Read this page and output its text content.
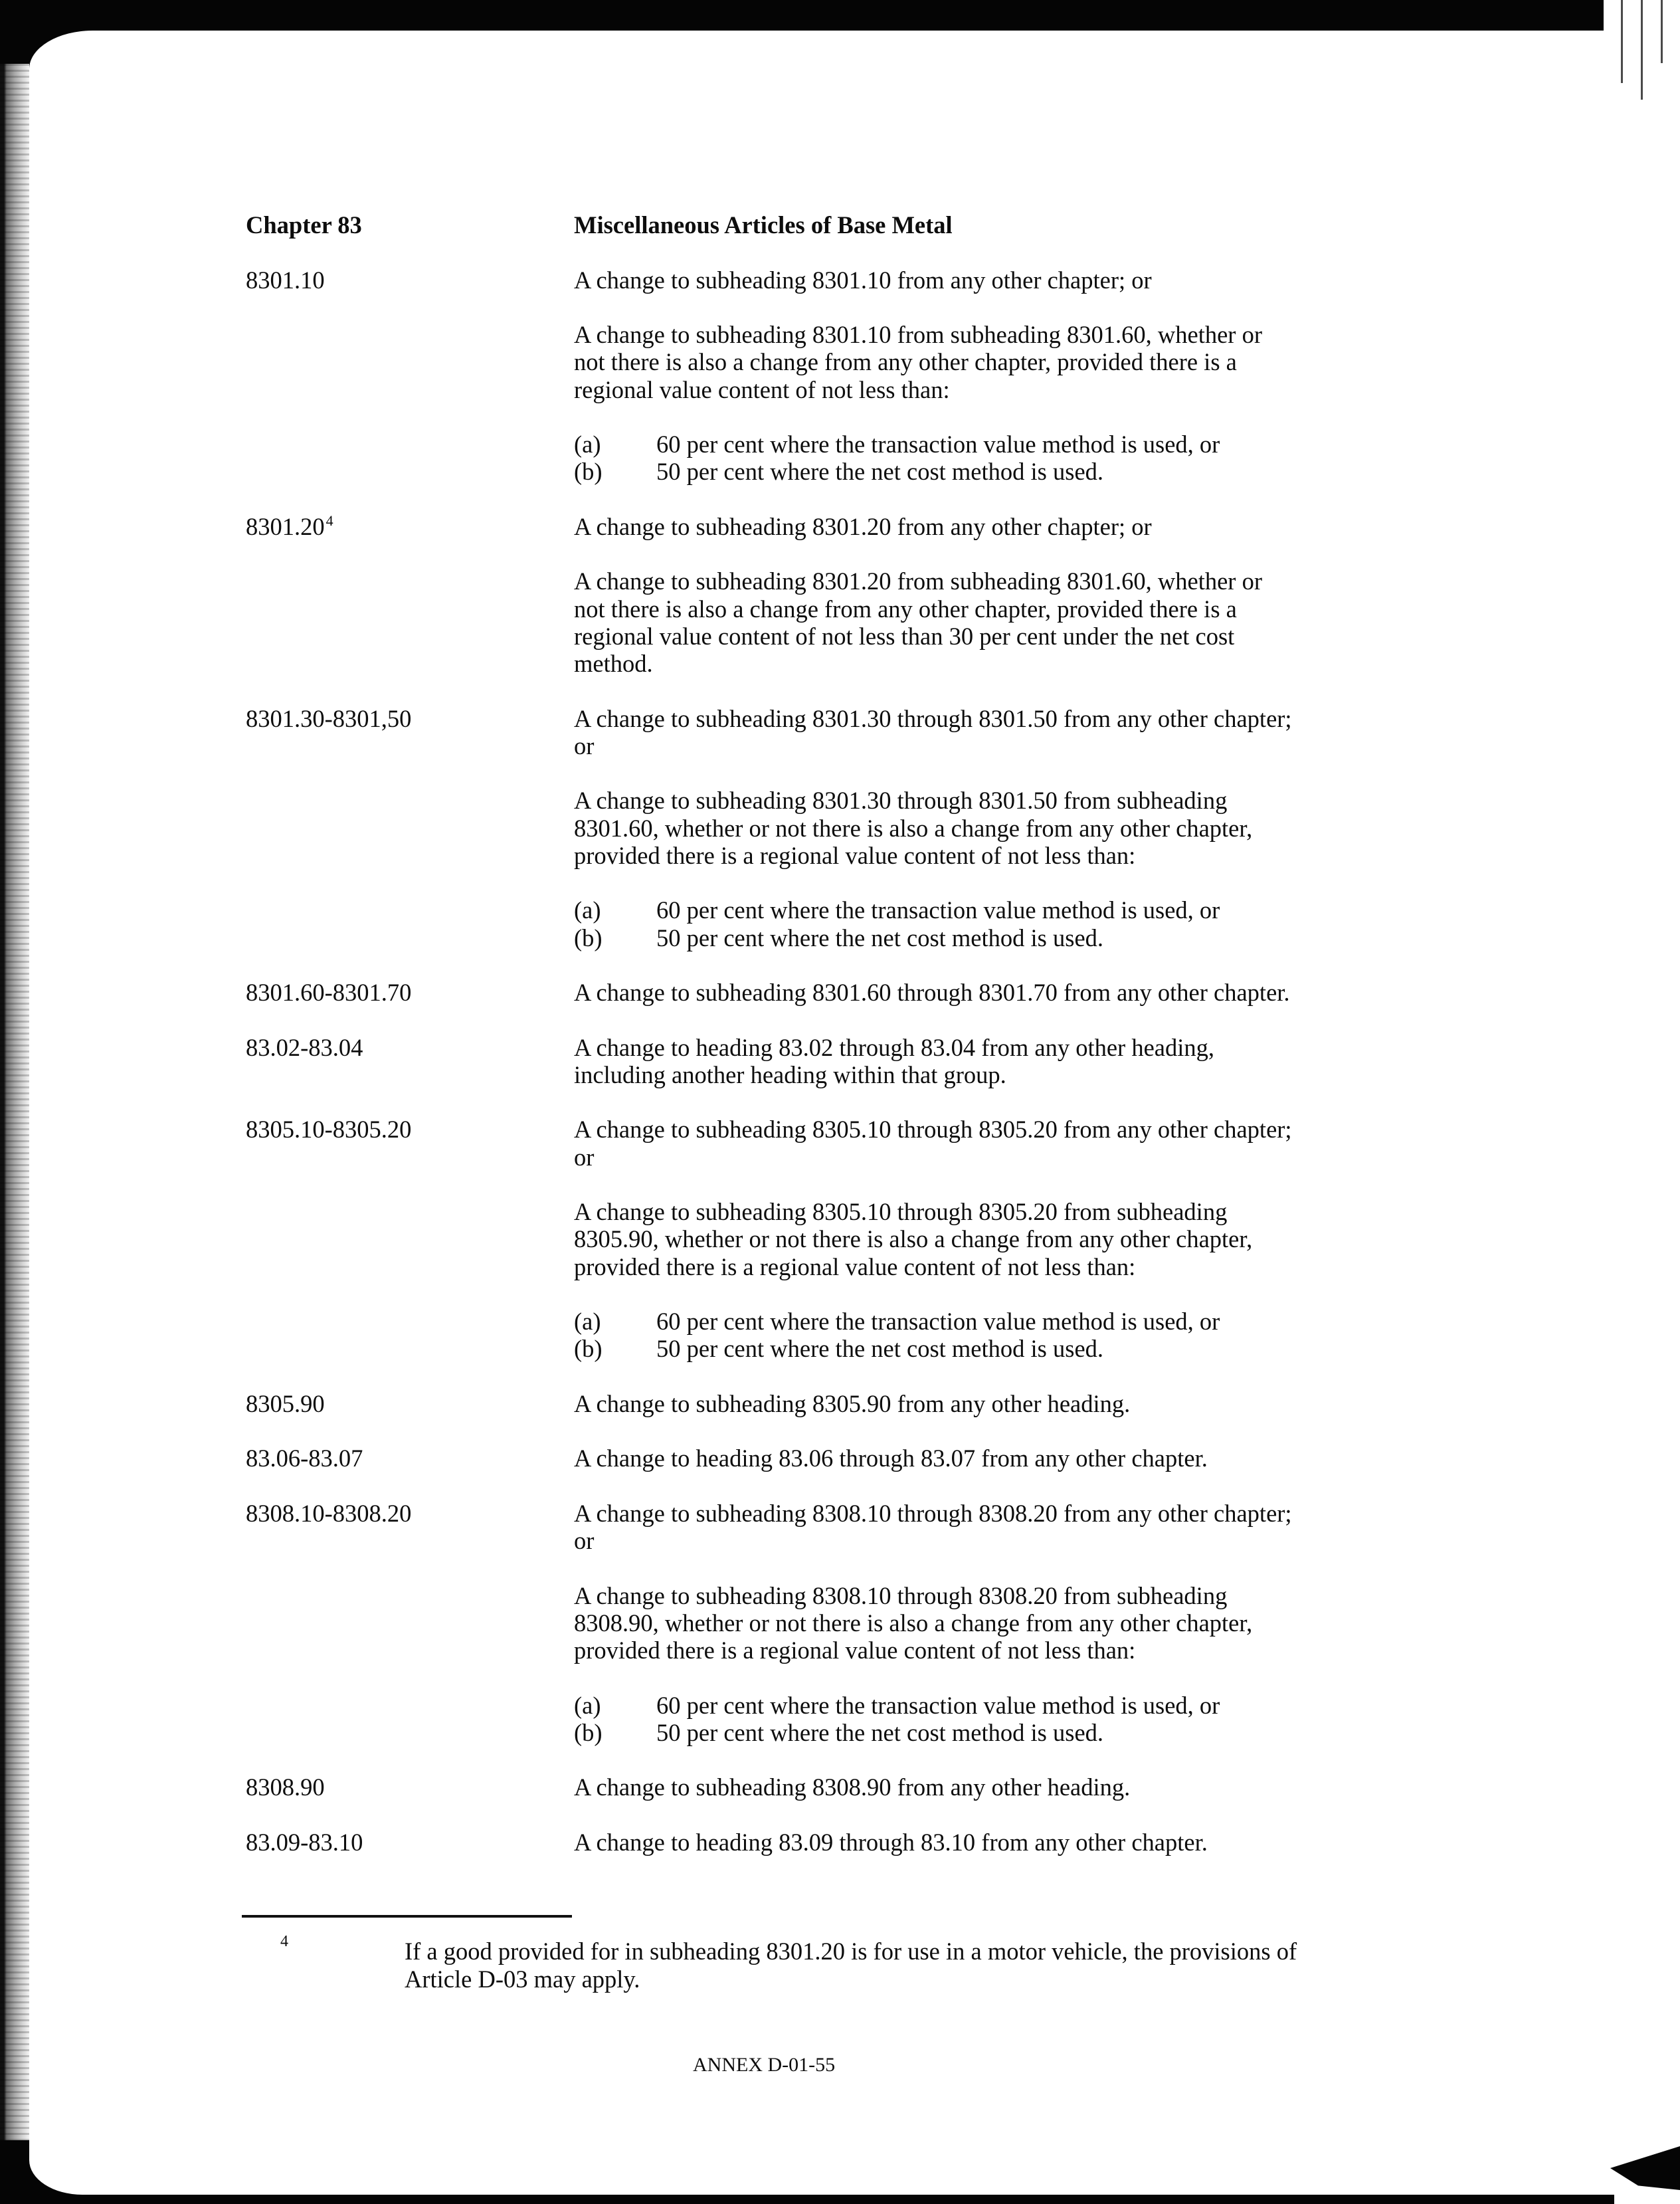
Chapter 83	Miscellaneous Articles of Base Metal
8301.10	A change to subheading 8301.10 from any other chapter; or
A change to subheading 8301.10 from subheading 8301.60, whether or
not there is also a change from any other chapter, provided there is a
regional value content of not less than:
(a)	60 per cent where the transaction value method is used, or
(b)	50 per cent where the net cost method is used.
8301.20$^4$	A change to subheading 8301.20 from any other chapter; or
A change to subheading 8301.20 from subheading 8301.60, whether or
not there is also a change from any other chapter, provided there is a
regional value content of not less than 30 per cent under the net cost
method.
8301.30-8301,50	A change to subheading 8301.30 through 8301.50 from any other chapter;
or
A change to subheading 8301.30 through 8301.50 from subheading
8301.60, whether or not there is also a change from any other chapter,
provided there is a regional value content of not less than:
(a)	60 per cent where the transaction value method is used, or
(b)	50 per cent where the net cost method is used.
8301.60-8301.70	A change to subheading 8301.60 through 8301.70 from any other chapter.
83.02-83.04	A change to heading 83.02 through 83.04 from any other heading,
including another heading within that group.
8305.10-8305.20	A change to subheading 8305.10 through 8305.20 from any other chapter;
or
A change to subheading 8305.10 through 8305.20 from subheading
8305.90, whether or not there is also a change from any other chapter,
provided there is a regional value content of not less than:
(a)	60 per cent where the transaction value method is used, or
(b)	50 per cent where the net cost method is used.
8305.90	A change to subheading 8305.90 from any other heading.
83.06-83.07	A change to heading 83.06 through 83.07 from any other chapter.
8308.10-8308.20	A change to subheading 8308.10 through 8308.20 from any other chapter;
or
A change to subheading 8308.10 through 8308.20 from subheading
8308.90, whether or not there is also a change from any other chapter,
provided there is a regional value content of not less than:
(a)	60 per cent where the transaction value method is used, or
(b)	50 per cent where the net cost method is used.
8308.90	A change to subheading 8308.90 from any other heading.
83.09-83.10	A change to heading 83.09 through 83.10 from any other chapter.
4	If a good provided for in subheading 8301.20 is for use in a motor vehicle, the provisions of
Article D-03 may apply.
ANNEX D-01-55
